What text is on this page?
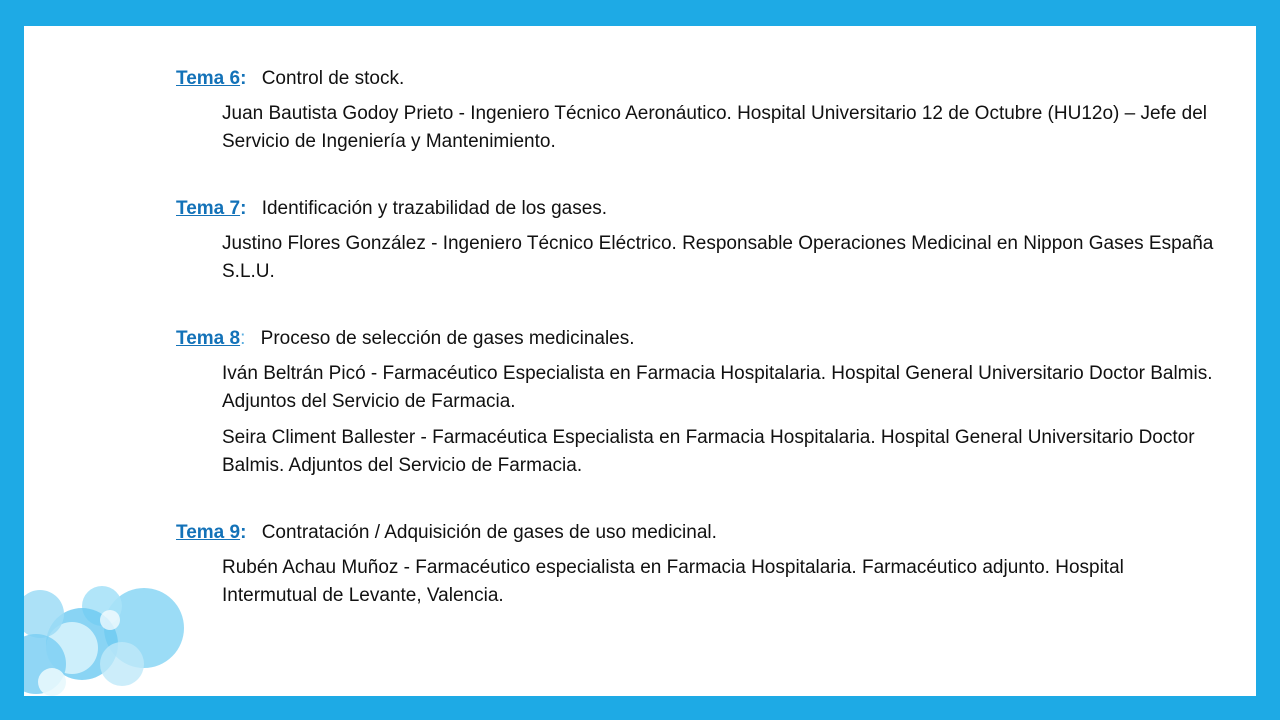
Tema 6: Control de stock.
Juan Bautista Godoy Prieto - Ingeniero Técnico Aeronáutico. Hospital Universitario 12 de Octubre (HU12o) – Jefe del Servicio de Ingeniería y Mantenimiento.
Tema 7: Identificación y trazabilidad de los gases.
Justino Flores González - Ingeniero Técnico Eléctrico. Responsable Operaciones Medicinal en Nippon Gases España S.L.U.
Tema 8: Proceso de selección de gases medicinales.
Iván Beltrán Picó - Farmacéutico Especialista en Farmacia Hospitalaria. Hospital General Universitario Doctor Balmis. Adjuntos del Servicio de Farmacia.
Seira Climent Ballester - Farmacéutica Especialista en Farmacia Hospitalaria. Hospital General Universitario Doctor Balmis. Adjuntos del Servicio de Farmacia.
Tema 9: Contratación / Adquisición de gases de uso medicinal.
Rubén Achau Muñoz - Farmacéutico especialista en Farmacia Hospitalaria. Farmacéutico adjunto. Hospital Intermutual de Levante, Valencia.
